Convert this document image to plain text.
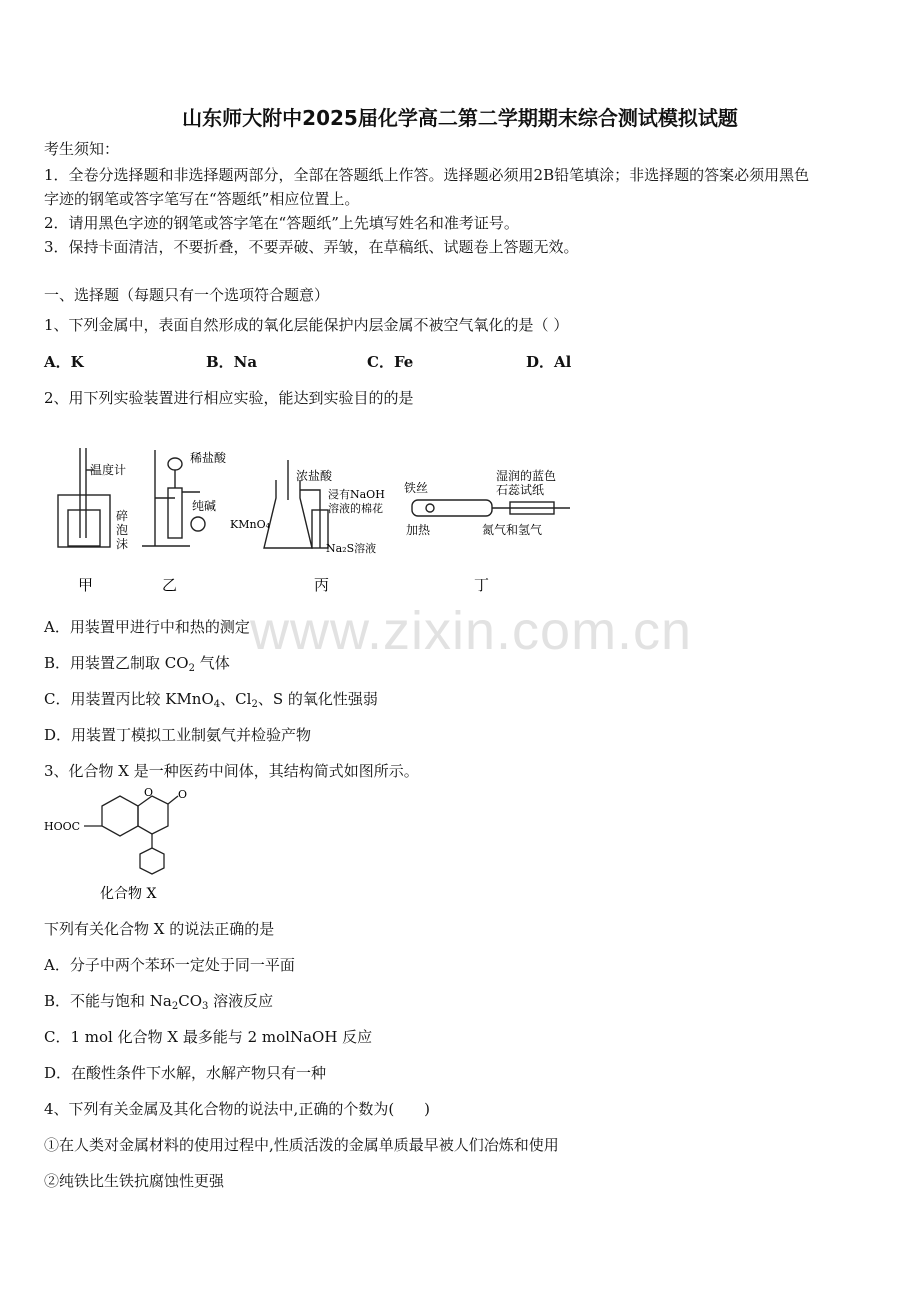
山东师大附中2025届化学高二第二学期期末综合测试模拟试题
考生须知：
1．全卷分选择题和非选择题两部分，全部在答题纸上作答。选择题必须用2B铅笔填涂；非选择题的答案必须用黑色
字迹的钢笔或答字笔写在“答题纸”相应位置上。
2．请用黑色字迹的钢笔或答字笔在“答题纸”上先填写姓名和准考证号。
3．保持卡面清洁，不要折叠，不要弄破、弄皱，在草稿纸、试题卷上答题无效。
一、选择题（每题只有一个选项符合题意）
1、下列金属中，表面自然形成的氧化层能保护内层金属不被空气氧化的是（ ）
A．K	B．Na	C．Fe	D．Al
2、用下列实验装置进行相应实验，能达到实验目的的是
温度计
碎
泡
沫
稀盐酸
纯碱
浓盐酸
KMnO₄
浸有NaOH
溶液的棉花
Na₂S溶液
铁丝
加热
湿润的蓝色
石蕊试纸
氮气和氢气
甲	乙	丙	丁
A．用装置甲进行中和热的测定
B．用装置乙制取 $CO_2$ 气体
C．用装置丙比较 KMnO$_4$、$Cl_2$、S 的氧化性强弱
D．用装置丁模拟工业制氨气并检验产物
3、化合物 X 是一种医药中间体，其结构简式如图所示。
HOOC
O O
化合物 X
下列有关化合物 X 的说法正确的是
A．分子中两个苯环一定处于同一平面
B．不能与饱和 $Na_2CO_3$ 溶液反应
C．1 mol 化合物 X 最多能与 2 molNaOH 反应
D．在酸性条件下水解，水解产物只有一种
4、下列有关金属及其化合物的说法中,正确的个数为(　　)
①在人类对金属材料的使用过程中,性质活泼的金属单质最早被人们冶炼和使用
②纯铁比生铁抗腐蚀性更强
www.zixin.com.cn
